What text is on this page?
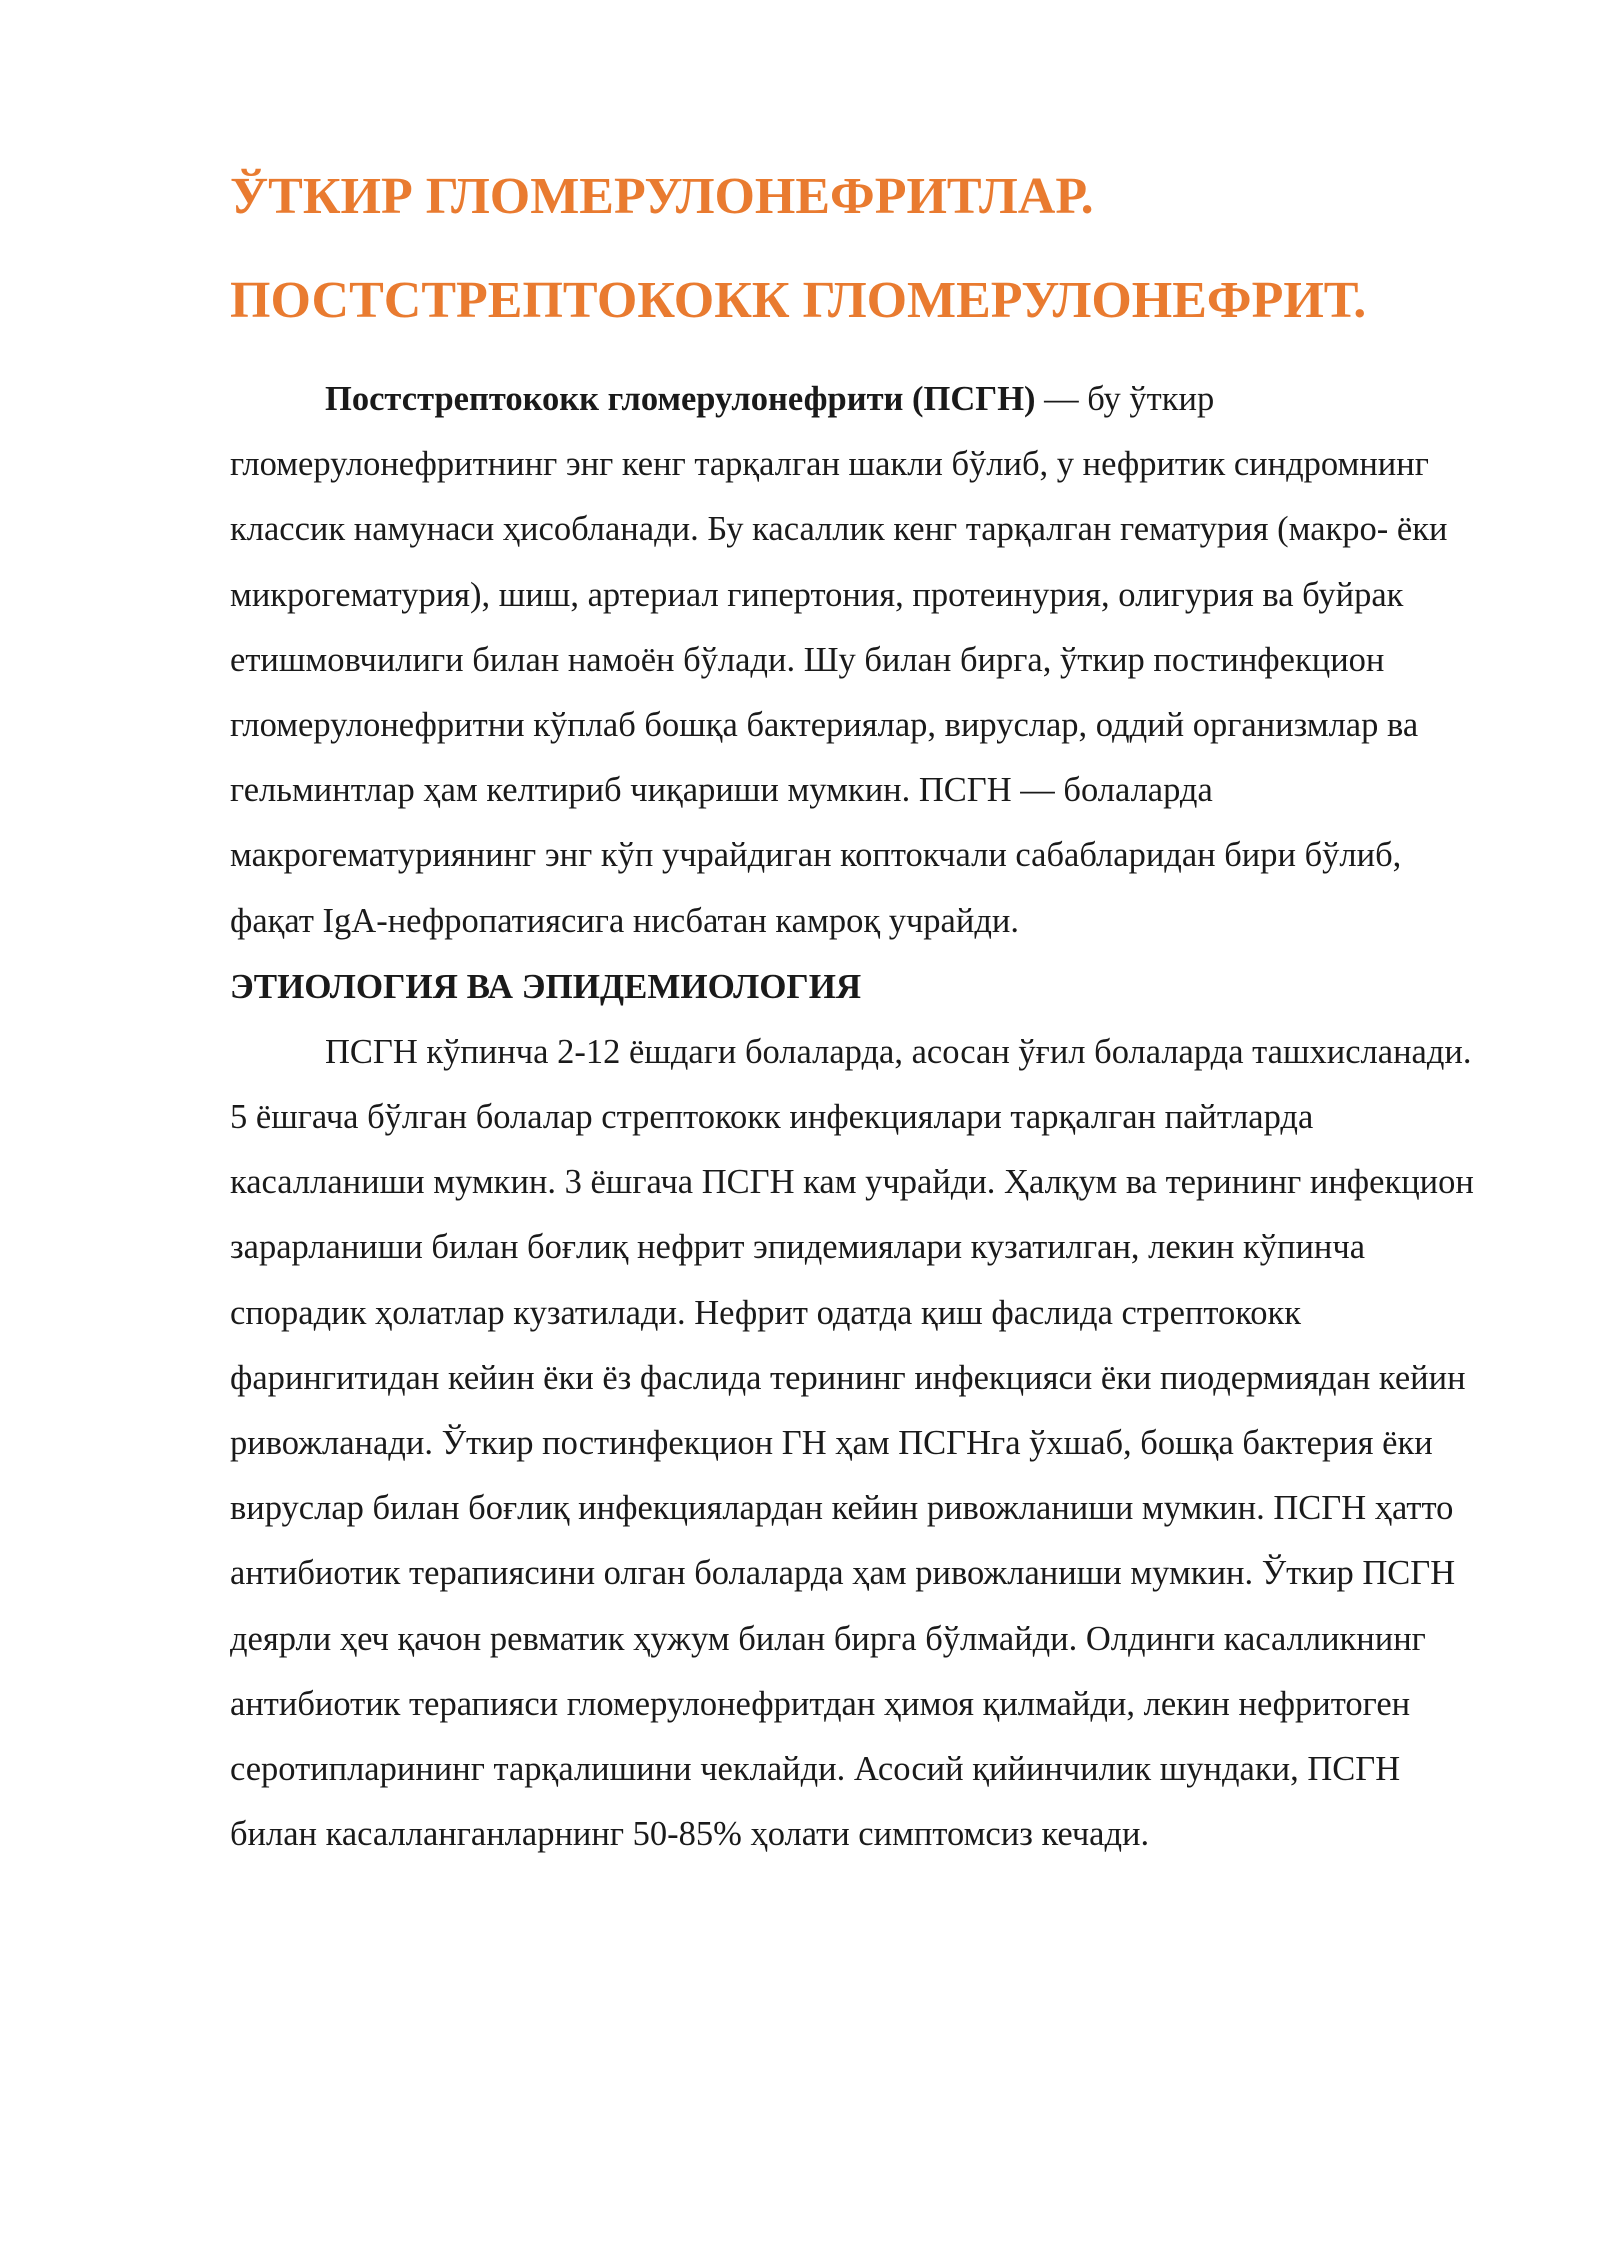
ЎТКИР ГЛОМЕРУЛОНЕФРИТЛАР.
ПОСТСТРЕПТОКОКК ГЛОМЕРУЛОНЕФРИТ.

Постстрептококк гломерулонефрити (ПСГН) — бу ўткир гломерулонефритнинг энг кенг тарқалган шакли бўлиб, у нефритик синдромнинг классик намунаси ҳисобланади. Бу касаллик кенг тарқалган гематурия (макро- ёки микрогематурия), шиш, артериал гипертония, протеинурия, олигурия ва буйрак етишмовчилиги билан намоён бўлади. Шу билан бирга, ўткир постинфекцион гломерулонефритни кўплаб бошқа бактериялар, вируслар, оддий организмлар ва гельминтлар ҳам келтириб чиқариши мумкин. ПСГН — болаларда макрогематуриянинг энг кўп учрайдиган коптокчали сабабларидан бири бўлиб, фақат IgA-нефропатиясига нисбатан камроқ учрайди.

ЭТИОЛОГИЯ ВА ЭПИДЕМИОЛОГИЯ

ПСГН кўпинча 2-12 ёшдаги болаларда, асосан ўғил болаларда ташхисланади. 5 ёшгача бўлган болалар стрептококк инфекциялари тарқалган пайтларда касалланиши мумкин. 3 ёшгача ПСГН кам учрайди. Ҳалқум ва терининг инфекцион зарарланиши билан боғлиқ нефрит эпидемиялари кузатилган, лекин кўпинча спорадик ҳолатлар кузатилади. Нефрит одатда қиш фаслида стрептококк фарингитидан кейин ёки ёз фаслида терининг инфекцияси ёки пиодермиядан кейин ривожланади. Ўткир постинфекцион ГН ҳам ПСГНга ўхшаб, бошқа бактерия ёки вируслар билан боғлиқ инфекциялардан кейин ривожланиши мумкин. ПСГН ҳатто антибиотик терапиясини олган болаларда ҳам ривожланиши мумкин. Ўткир ПСГН деярли ҳеч қачон ревматик ҳужум билан бирга бўлмайди. Олдинги касалликнинг антибиотик терапияси гломерулонефритдан ҳимоя қилмайди, лекин нефритоген серотипларининг тарқалишини чеклайди. Асосий қийинчилик шундаки, ПСГН билан касалланганларнинг 50-85% ҳолати симптомсиз кечади.
